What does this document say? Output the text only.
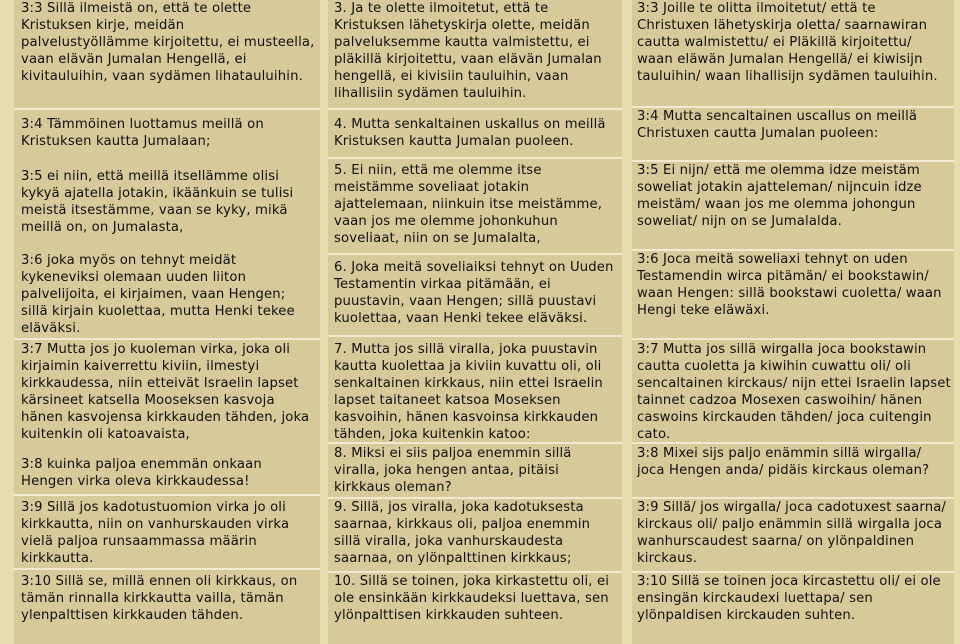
3:3 Sillä ilmeistä on, että te olette Kristuksen kirje, meidän palvelustyöllämme kirjoitettu, ei musteella, vaan elävän Jumalan Hengellä, ei kivitauluihin, vaan sydämen lihatauluihin.
3:4 Tämmöinen luottamus meillä on Kristuksen kautta Jumalaan;
3:5 ei niin, että meillä itsellämme olisi kykyä ajatella jotakin, ikäänkuin se tulisi meistä itsestämme, vaan se kyky, mikä meillä on, on Jumalasta,
3:6 joka myös on tehnyt meidät kykeneviksi olemaan uuden liiton palvelijoita, ei kirjaimen, vaan Hengen; sillä kirjain kuolettaa, mutta Henki tekee eläväksi.
3:7 Mutta jos jo kuoleman virka, joka oli kirjaimin kaiverrettu kiviin, ilmestyi kirkkaudessa, niin etteivät Israelin lapset kärsineet katsella Mooseksen kasvoja hänen kasvojensa kirkkauden tähden, joka kuitenkin oli katoavaista,
3:8 kuinka paljoa enemmän onkaan Hengen virka oleva kirkkaudessa!
3:9 Sillä jos kadotustuomion virka jo oli kirkkautta, niin on vanhurskauden virka vielä paljoa runsaammassa määrin kirkkautta.
3:10 Sillä se, millä ennen oli kirkkaus, on tämän rinnalla kirkkautta vailla, tämän ylenpalttisen kirkkauden tähden.
3. Ja te olette ilmoitetut, että te Kristuksen lähetyskirja olette, meidän palveluksemme kautta valmistettu, ei pläkillä kirjoitettu, vaan elävän Jumalan hengellä, ei kivisiin tauluihin, vaan lihallisiin sydämen tauluihin.
4. Mutta senkaltainen uskallus on meillä Kristuksen kautta Jumalan puoleen.
5. Ei niin, että me olemme itse meistämme soveliaat jotakin ajattelemaan, niinkuin itse meistämme, vaan jos me olemme johonkuhun soveliaat, niin on se Jumalalta,
6. Joka meitä soveliaiksi tehnyt on Uuden Testamentin virkaa pitämään, ei puustavin, vaan Hengen; sillä puustavi kuolettaa, vaan Henki tekee eläväksi.
7. Mutta jos sillä viralla, joka puustavin kautta kuolettaa ja kiviin kuvattu oli, oli senkaltainen kirkkaus, niin ettei Israelin lapset taitaneet katsoa Moseksen kasvoihin, hänen kasvoinsa kirkkauden tähden, joka kuitenkin katoo:
8. Miksi ei siis paljoa enemmin sillä viralla, joka hengen antaa, pitäisi kirkkaus oleman?
9. Sillä, jos viralla, joka kadotuksesta saarnaa, kirkkaus oli, paljoa enemmin sillä viralla, joka vanhurskaudesta saarnaa, on ylönpalttinen kirkkaus;
10. Sillä se toinen, joka kirkastettu oli, ei ole ensinkään kirkkaudeksi luettava, sen ylönpalttisen kirkkauden suhteen.
3:3 Joille te olitta ilmoitetut/ että te Christuxen lähetyskirja oletta/ saarnawiran cautta walmistettu/ ei Pläkillä kirjoitettu/ waan eläwän Jumalan Hengellä/ ei kiwisijn tauluihin/ waan lihallisijn sydämen tauluihin.
3:4 Mutta sencaltainen uscallus on meillä Christuxen cautta Jumalan puoleen:
3:5 Ei nijn/ että me olemma idze meistäm soweliat jotakin ajatteleman/ nijncuin idze meistäm/ waan jos me olemma johongun soweliat/ nijn on se Jumalalda.
3:6 Joca meitä soweliaxi tehnyt on uden Testamendin wirca pitämän/ ei bookstawin/ waan Hengen: sillä bookstawi cuoletta/ waan Hengi teke eläwäxi.
3:7 Mutta jos sillä wirgalla joca bookstawin cautta cuoletta ja kiwihin cuwattu oli/ oli sencaltainen kirckaus/ nijn ettei Israelin lapset tainnet cadzoa Mosexen caswoihin/ hänen caswoins kirckauden tähden/ joca cuitengin cato.
3:8 Mixei sijs paljo enämmin sillä wirgalla/ joca Hengen anda/ pidäis kirckaus oleman?
3:9 Sillä/ jos wirgalla/ joca cadotuxest saarna/ kirckaus oli/ paljo enämmin sillä wirgalla joca wanhurscaudest saarna/ on ylönpaldinen kirckaus.
3:10 Sillä se toinen joca kircastettu oli/ ei ole ensingän kirckaudexi luettapa/ sen ylönpaldisen kirckauden suhten.
